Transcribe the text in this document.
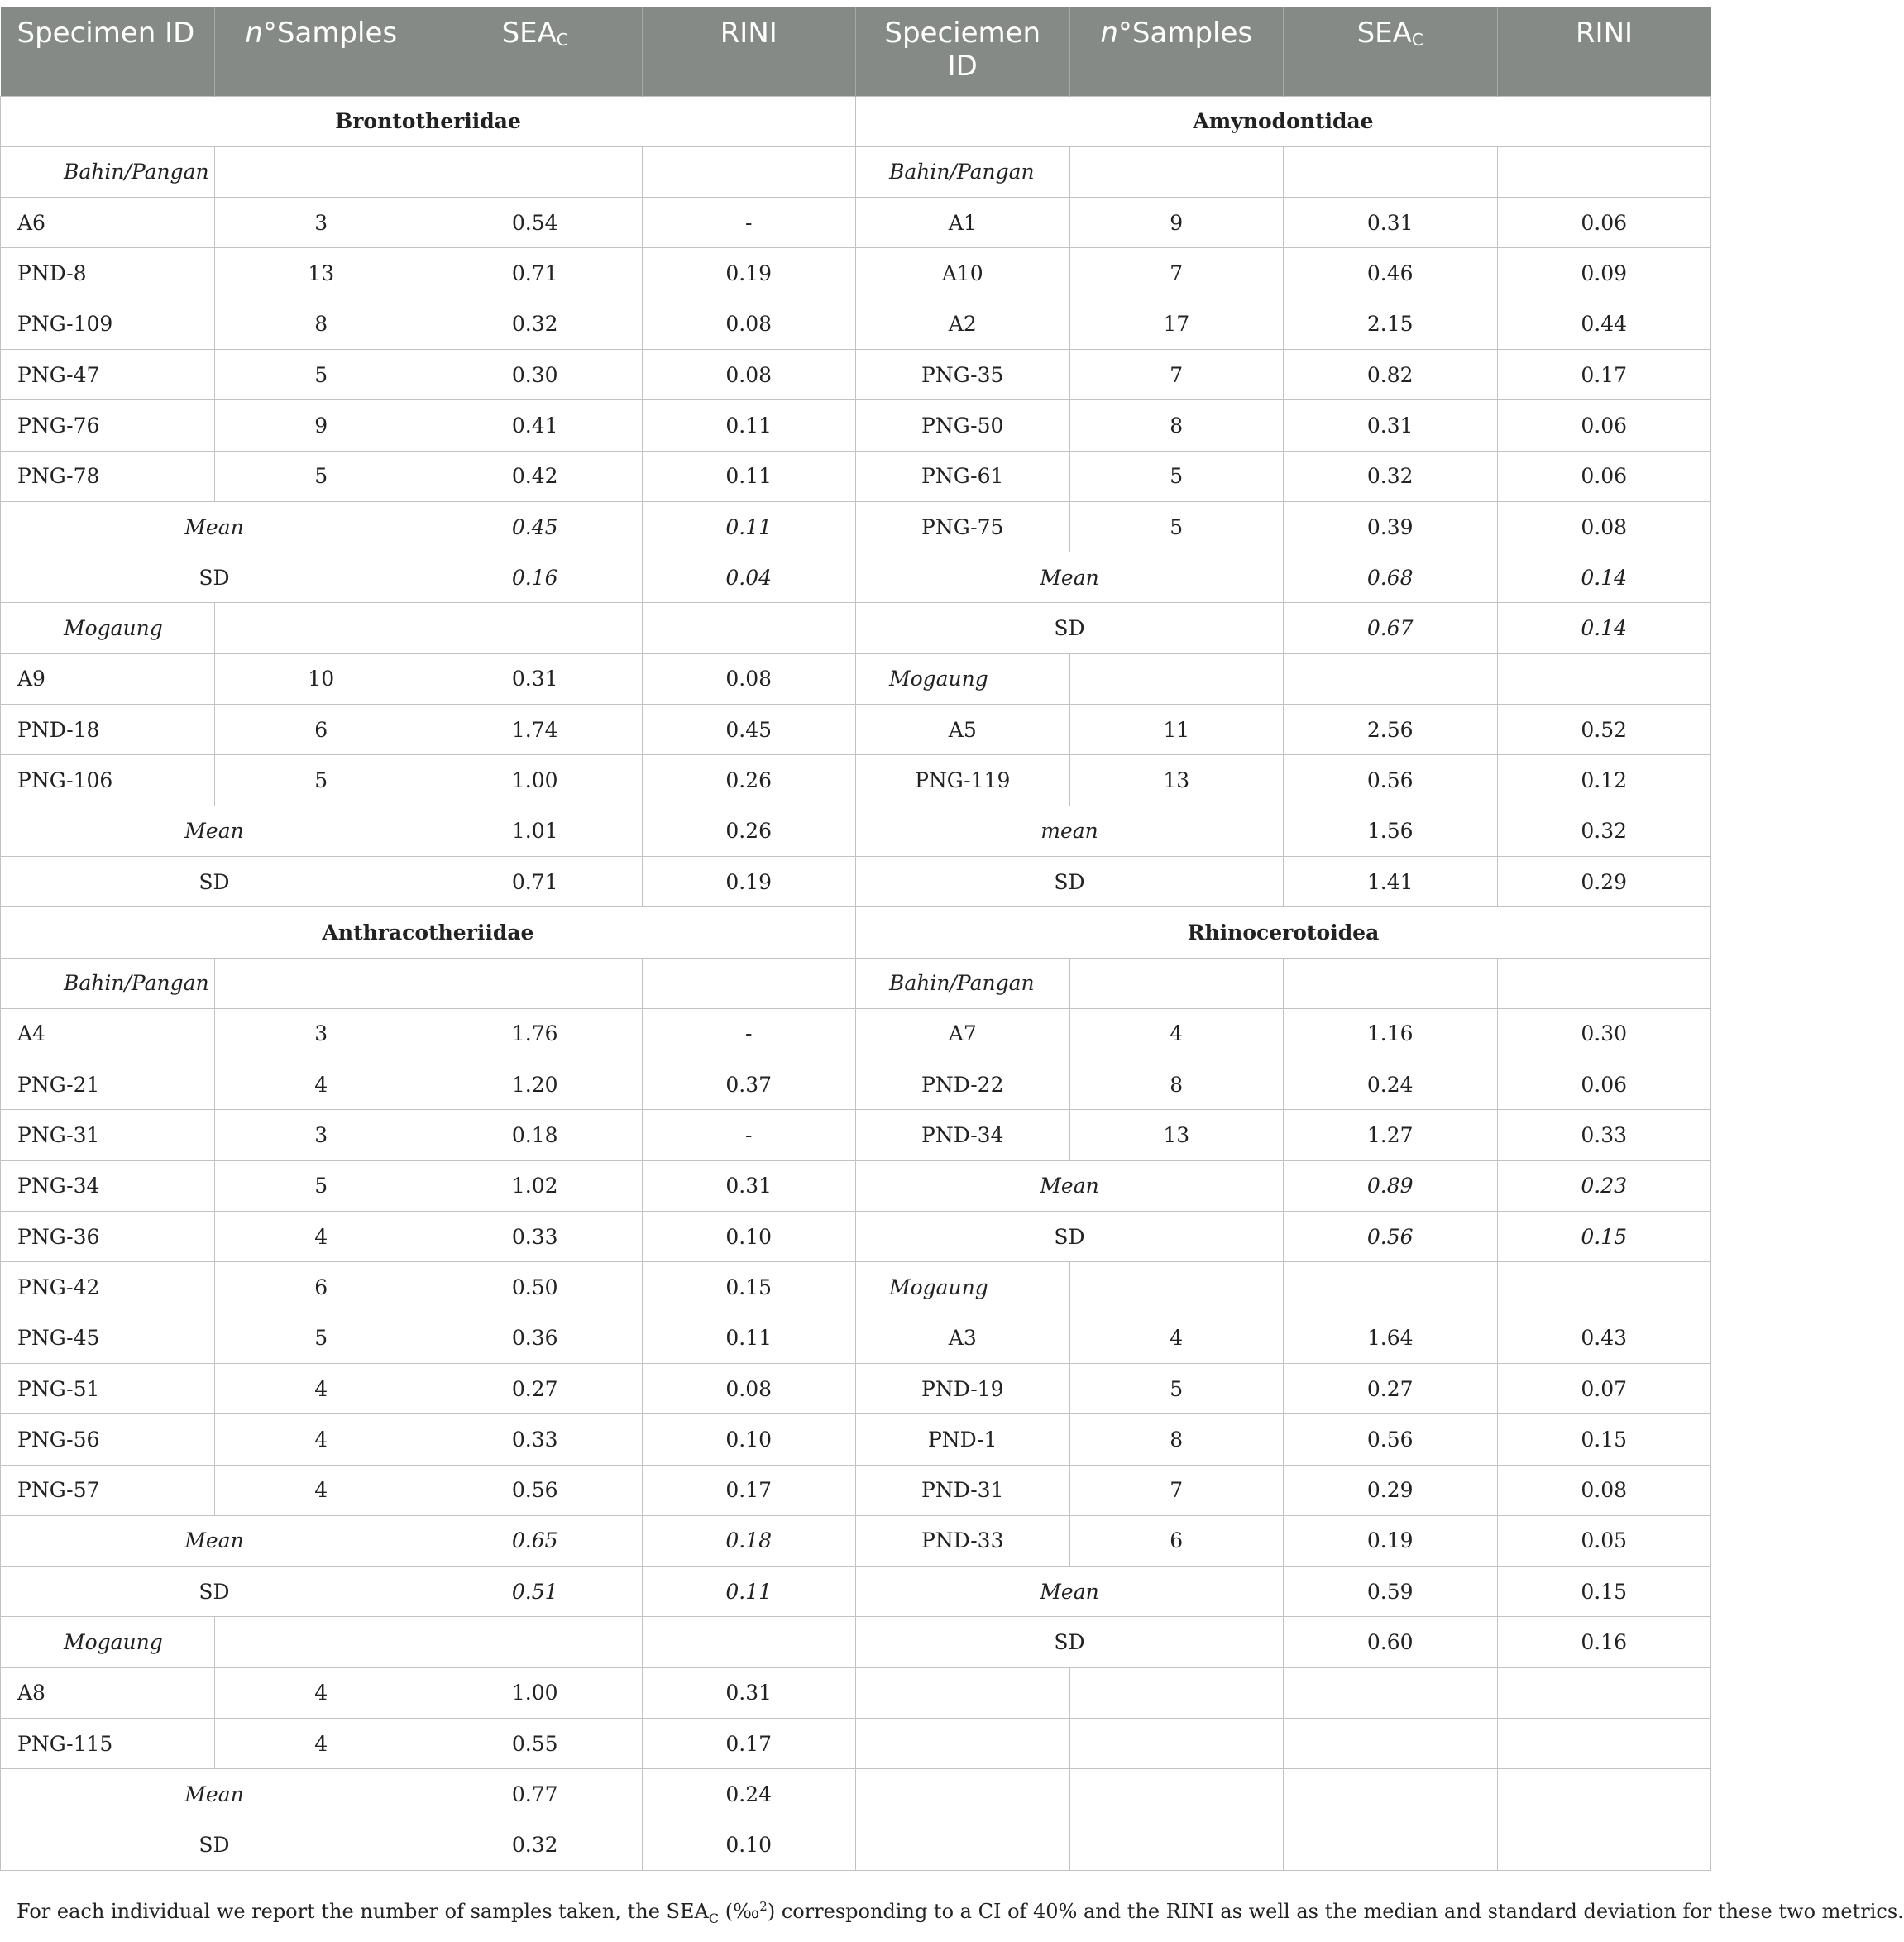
Specimen ID	n°Samples	$SEA_C$	RINI	Speciemen ID	n°Samples	$SEA_C$	RINI
Brontotheriidae				Amynodontidae			
Bahin/Pangan				Bahin/Pangan			
A6	3	0.54	-	A1	9	0.31	0.06
PND-8	13	0.71	0.19	A10	7	0.46	0.09
PNG-109	8	0.32	0.08	A2	17	2.15	0.44
PNG-47	5	0.30	0.08	PNG-35	7	0.82	0.17
PNG-76	9	0.41	0.11	PNG-50	8	0.31	0.06
PNG-78	5	0.42	0.11	PNG-61	5	0.32	0.06
Mean		0.45	0.11	PNG-75	5	0.39	0.08
SD		0.16	0.04	Mean		0.68	0.14
Mogaung				SD		0.67	0.14
A9	10	0.31	0.08	Mogaung			
PND-18	6	1.74	0.45	A5	11	2.56	0.52
PNG-106	5	1.00	0.26	PNG-119	13	0.56	0.12
Mean		1.01	0.26	mean		1.56	0.32
SD		0.71	0.19	SD		1.41	0.29
Anthracotheriidae				Rhinocerotoidea			
Bahin/Pangan				Bahin/Pangan			
A4	3	1.76	-	A7	4	1.16	0.30
PNG-21	4	1.20	0.37	PND-22	8	0.24	0.06
PNG-31	3	0.18	-	PND-34	13	1.27	0.33
PNG-34	5	1.02	0.31	Mean		0.89	0.23
PNG-36	4	0.33	0.10	SD		0.56	0.15
PNG-42	6	0.50	0.15	Mogaung			
PNG-45	5	0.36	0.11	A3	4	1.64	0.43
PNG-51	4	0.27	0.08	PND-19	5	0.27	0.07
PNG-56	4	0.33	0.10	PND-1	8	0.56	0.15
PNG-57	4	0.56	0.17	PND-31	7	0.29	0.08
Mean		0.65	0.18	PND-33	6	0.19	0.05
SD		0.51	0.11	Mean		0.59	0.15
Mogaung				SD		0.60	0.16
A8	4	1.00	0.31				
PNG-115	4	0.55	0.17				
Mean		0.77	0.24				
SD		0.32	0.10				
For each individual we report the number of samples taken, the $SEA_C$ (‰$^2$) corresponding to a CI of 40% and the RINI as well as the median and standard deviation for these two metrics.
